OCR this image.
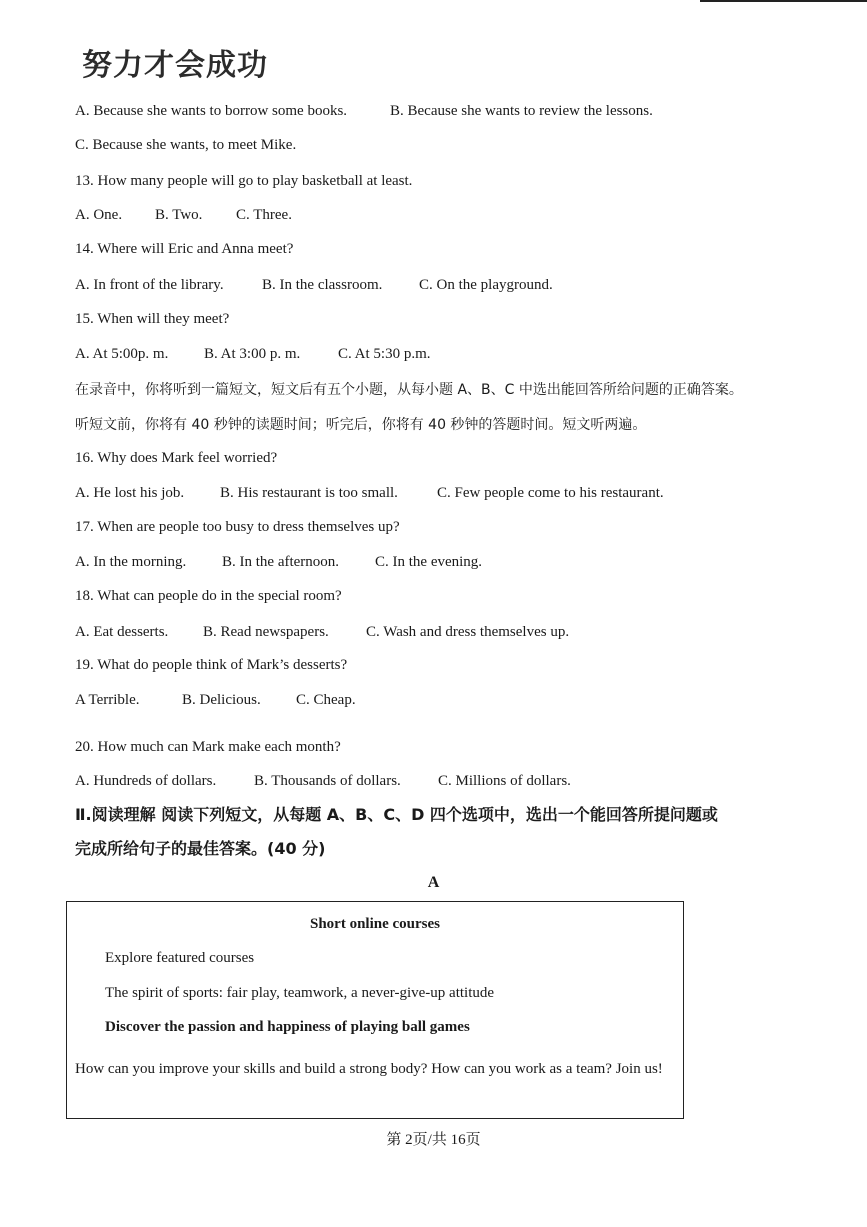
努力才会成功
A. Because she wants to borrow some books.	B. Because she wants to review the lessons.
C. Because she wants, to meet Mike.
13. How many people will go to play basketball at least.
A. One. B. Two. C. Three.
14. Where will Eric and Anna meet?
A. In front of the library.	B. In the classroom. C. On the playground.
15. When will they meet?
A. At 5:00p. m. B. At 3:00 p. m.	C. At 5:30 p.m.
在录音中，你将听到一篇短文，短文后有五个小题，从每小题 A、B、C 中选出能回答所给问题的正确答案。
听短文前，你将有 40 秒钟的读题时间；听完后，你将有 40 秒钟的答题时间。短文听两遍。
16. Why does Mark feel worried?
A. He lost his job. B. His restaurant is too small.	C. Few people come to his restaurant.
17. When are people too busy to dress themselves up?
A. In the morning. B. In the afternoon. C. In the evening.
18. What can people do in the special room?
A. Eat desserts. B. Read newspapers. C. Wash and dress themselves up.
19. What do people think of Mark’s desserts?
A Terrible.	B. Delicious. C. Cheap.
20. How much can Mark make each month?
A. Hundreds of dollars.	B. Thousands of dollars. C. Millions of dollars.
Ⅱ.阅读理解 阅读下列短文，从每题 A、B、C、D 四个选项中，选出一个能回答所提问题或
完成所给句子的最佳答案。(40 分)
A
Short online courses
Explore featured courses
The spirit of sports: fair play, teamwork, a never-give-up attitude
Discover the passion and happiness of playing ball games
How can you improve your skills and build a strong body? How can you work as a team? Join us!
第 2页/共 16页
